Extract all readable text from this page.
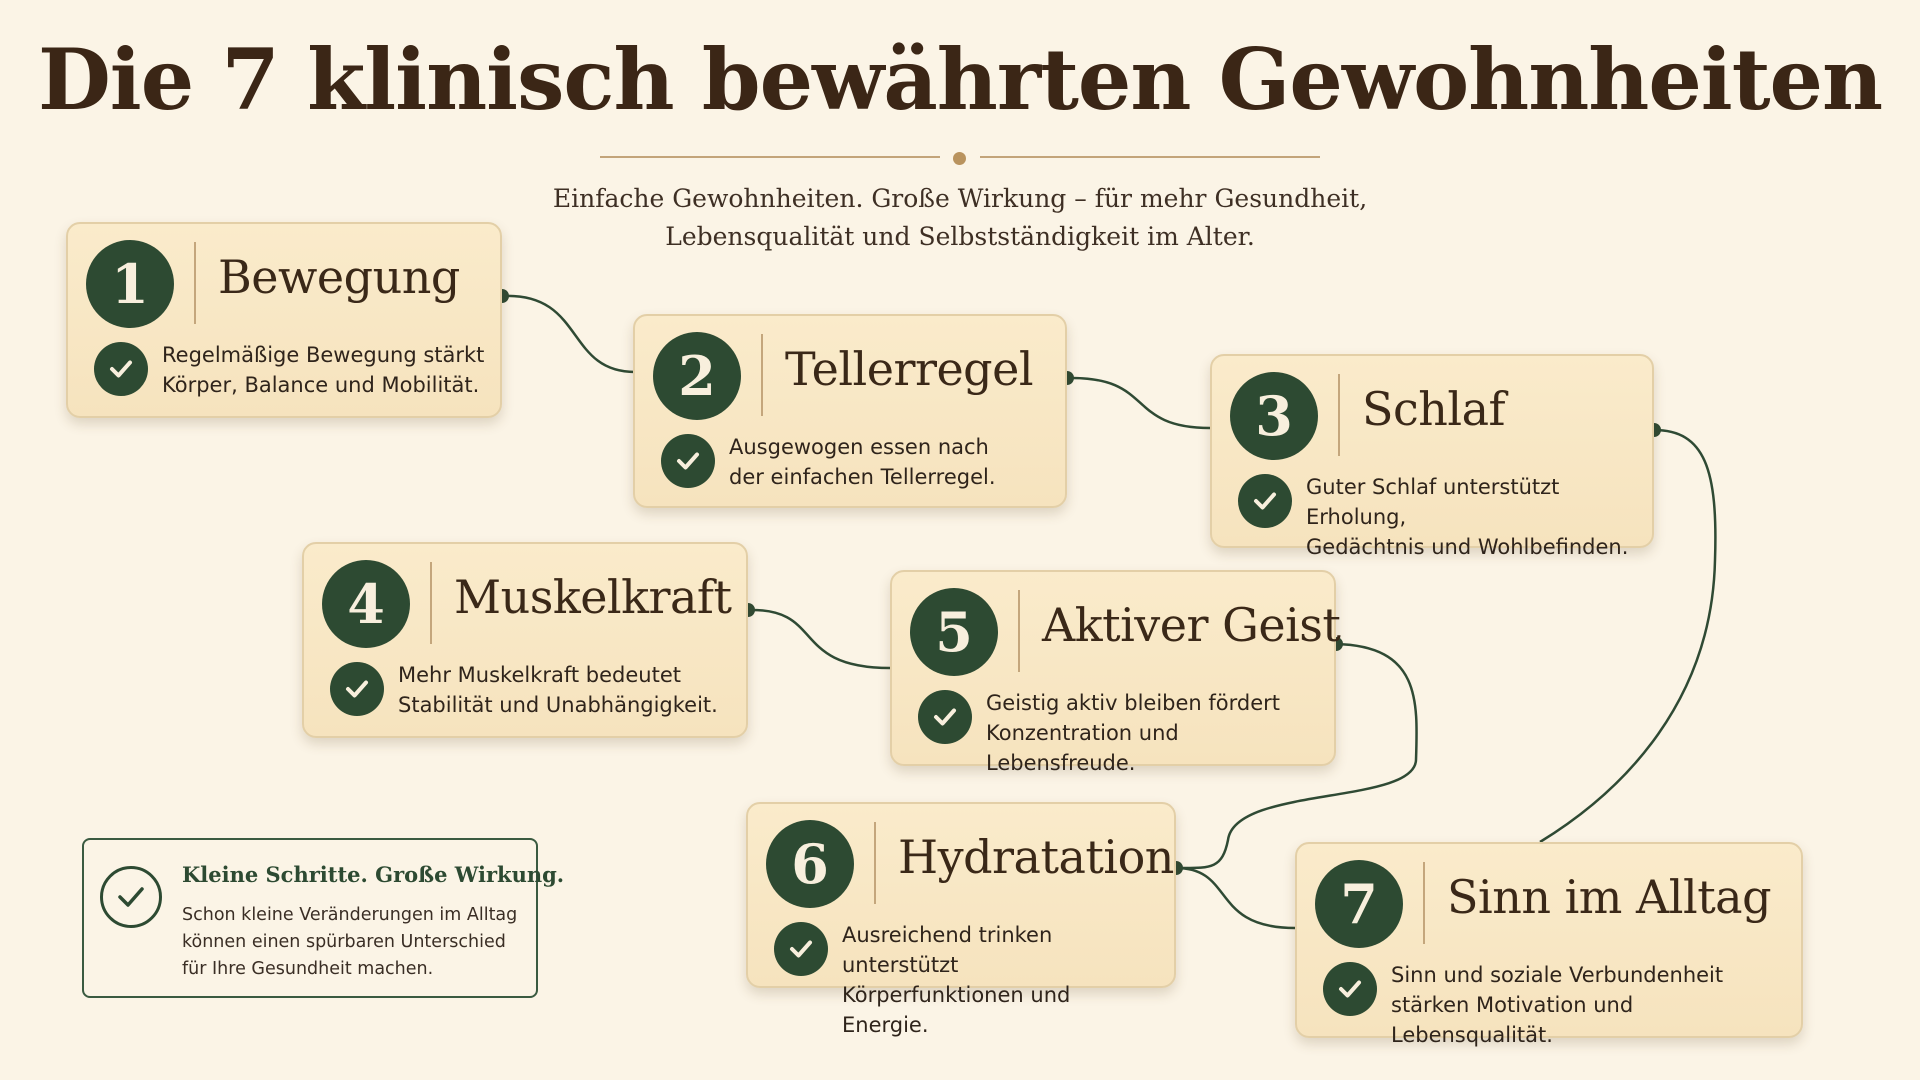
Die 7 klinisch bewährten Gewohnheiten
Einfache Gewohnheiten. Große Wirkung – für mehr Gesundheit,
Lebensqualität und Selbstständigkeit im Alter.
1	Bewegung
Regelmäßige Bewegung stärkt
Körper, Balance und Mobilität.	2	Tellerregel
Ausgewogen essen nach
der einfachen Tellerregel.
3	Schlaf
Guter Schlaf unterstützt Erholung,
Gedächtnis und Wohlbefinden.
4	Muskelkraft
Mehr Muskelkraft bedeutet
Stabilität und Unabhängigkeit.
5	Aktiver Geist
Geistig aktiv bleiben fördert
Konzentration und Lebensfreude.
6	Hydratation
Ausreichend trinken unterstützt
Körperfunktionen und Energie.
7	Sinn im Alltag
Sinn und soziale Verbundenheit
stärken Motivation und Lebensqualität.
Kleine Schritte. Große Wirkung.
Schon kleine Veränderungen im Alltag
können einen spürbaren Unterschied
für Ihre Gesundheit machen.
